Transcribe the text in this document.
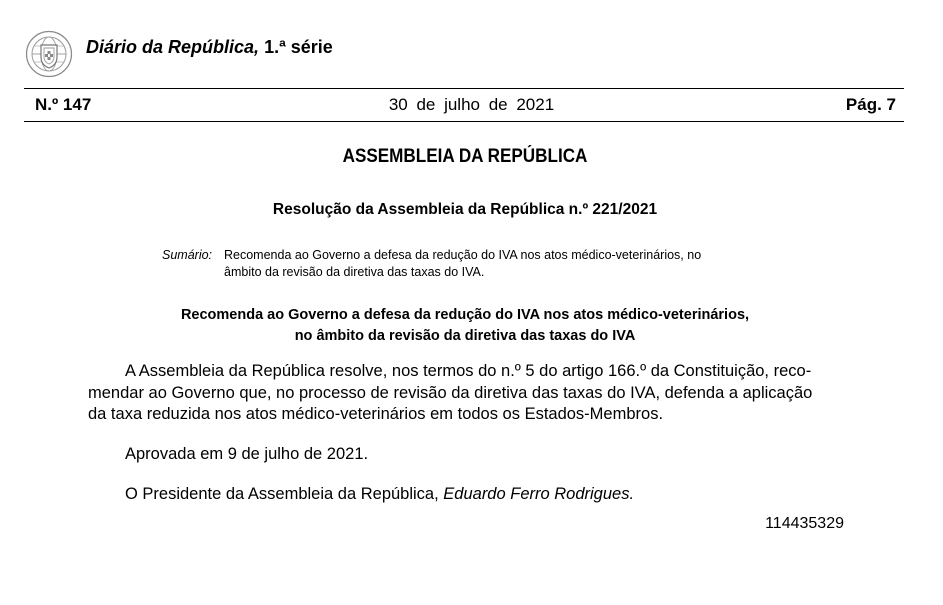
Diário da República, 1.ª série
N.º 147	30 de julho de 2021	Pág. 7
ASSEMBLEIA DA REPÚBLICA
Resolução da Assembleia da República n.º 221/2021
Sumário: Recomenda ao Governo a defesa da redução do IVA nos atos médico-veterinários, no
âmbito da revisão da diretiva das taxas do IVA.
Recomenda ao Governo a defesa da redução do IVA nos atos médico-veterinários,
no âmbito da revisão da diretiva das taxas do IVA
A Assembleia da República resolve, nos termos do n.º 5 do artigo 166.º da Constituição, reco-
mendar ao Governo que, no processo de revisão da diretiva das taxas do IVA, defenda a aplicação
da taxa reduzida nos atos médico-veterinários em todos os Estados-Membros.
Aprovada em 9 de julho de 2021.
O Presidente da Assembleia da República, Eduardo Ferro Rodrigues.
114435329
